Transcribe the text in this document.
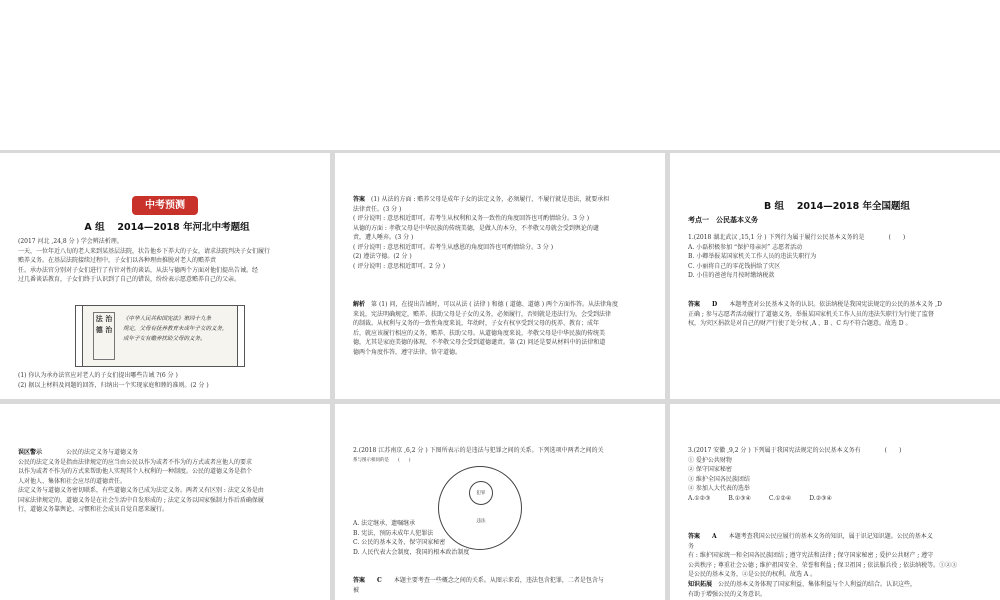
中考预测
A 组　 2014—2018 年河北中考题组
(2017 河北 ,24,8 分 ) 学会辨法析理。
一天，一位年近八旬的老人来到某基层法院，状告他乡下养大的子女，请求法院判决子女们履行
赡养义务。在基层法院接续过程中，子女们以各种理由推脱对老人的赡养责
任。承办法官分别对子女们进行了有针对性的谈话，从法与德两个方面对他们提出告诫。经
过几番谈话教育，子女们终于认识到了自己的错误，纷纷表示愿意赡养自己的父亲。
法 治 德 治
《中华人民共和国宪法》第四十九条
规定，父母有抚养教育未成年子女的义务，
成年子女有赡养扶助父母的义务。
(1) 你认为承办法官应对老人的子女们提出哪些告诫 ?(6 分 )
(2) 据以上材料及问题的回答，归纳出一个实现家庭和睦的准则。(2 分 )
答案　 (1) 从法的方面 : 赡养父母是成年子女的法定义务，必须履行，不履行就是违法，就要承担
法律责任。(3 分 )
( 评分说明 : 意思相近即可。若考生从权利和义务一致性的角度回答也可酌情给分。3 分 )
从德的方面 : 孝敬父母是中华民族的传统美德，是做人的本分，不孝敬父母就会受到舆论的谴
责，遭人唾弃。(3 分 )
( 评分说明 : 意思相近即可。若考生从感恩的角度回答也可酌情给分。3 分 )
(2) 遵法守德。(2 分 )
( 评分说明 : 意思相近即可。2 分 )
解析　 第 (1) 问，在提出告诫时，可以从法 ( 法律 ) 和德 ( 道德、道德 ) 两个方面作答。从法律角度
来说，宪法明确规定，赡养、扶助父母是子女的义务，必须履行，否则就是违法行为，会受到法律
的制裁。从权利与义务的一致性角度来说，年幼时，子女有权享受到父母的抚养、教育；成年
后，就应该履行相应的义务，赡养、扶助父母。从道德角度来说，孝敬父母是中华民族的传统美
德，尤其是家庭美德的体现，不孝敬父母会受到道德谴责。第 (2) 问还是要从材料中的法律和道
德两个角度作答，遵守法律，恪守道德。
B 组　 2014—2018 年全国题组
考点一　公民基本义务
1.(2018 湖北武汉 ,15,1 分 ) 下列行为属于履行公民基本义务的是　　　　(　　)
A. 小磊积极参加 “保护母亲河” 志愿者活动
B. 小卿举报某国家机关工作人员的违法失职行为
C. 小丽将自己的零花钱捐给了灾区
D. 小佳的爸爸每月按时缴纳税款
答案　　 D　　 本题考查对公民基本义务的认识。依法纳税是我国宪法规定的公民的基本义务 ,D
正确 ; 参与志愿者活动履行了道德义务，举报某国家机关工作人员的违法失职行为行使了监督
权，为灾区捐款是对自己的财产行使了处分权 ,A 、B 、C 均不符合题意。故选 D 。
误区警示　　　　	公民的法定义务与道德义务
公民的法定义务是指由法律规定的应当由公民以作为或者不作为的方式或者应他人的要求
以作为或者不作为的方式来帮助他人实现其个人权利的一种制度。公民的道德义务是指个
人对他人、集体和社会应尽的道德责任。
法定义务与道德义务密切联系，有些道德义务已成为法定义务。两者又有区别 : 法定义务是由
国家法律规定的，道德义务是在社会生活中自发形成的 ; 法定义务以国家强制力作后盾确保履
行，道德义务靠舆论、习惯和社会成员自觉自愿来履行。
2.(2018 江苏南京 ,6,2 分 ) 下图所表示的是违法与犯罪之间的关系。下列选项中两者之间的关
系与图示相同的是　　(　　)
犯罪
违法
A. 法定继承，遗嘱继承
B. 宪法，预防未成年人犯罪法
C. 公民的基本义务，保守国家秘密
D. 人民代表大会制度，我国的根本政治制度
答案　　 C　　 本题主要考查一些概念之间的关系。从图示来看，违法包含犯罪，二者是包含与
被
3.(2017 安徽 ,9,2 分 ) 下列属于我国宪法规定的公民基本义务有　　　　(　　)
① 爱护公共财物
② 保守国家秘密
③ 维护全国各民族团结
④ 参加人大代表的选举
A.①②③　　　B.①③④　　　C.①②④　　　D.②③④
答案　　 A　　 本题考查我国公民应履行的基本义务的知识，属于识记知识题。公民的基本义
务
有 : 维护国家统一和全国各民族团结 ; 遵守宪法和法律 ; 保守国家秘密 ; 爱护公共财产 ; 遵守
公共秩序 ; 尊重社会公德 ; 维护祖国安全、荣誉和利益 ; 保卫祖国 ; 依法服兵役 ; 依法纳税等。①②③
是公民的基本义务，④是公民的权利。故选 A 。
知识拓展　 公民的基本义务体现了国家利益、集体利益与个人利益的结合。认识这些，
有助于增强公民的义务意识。
